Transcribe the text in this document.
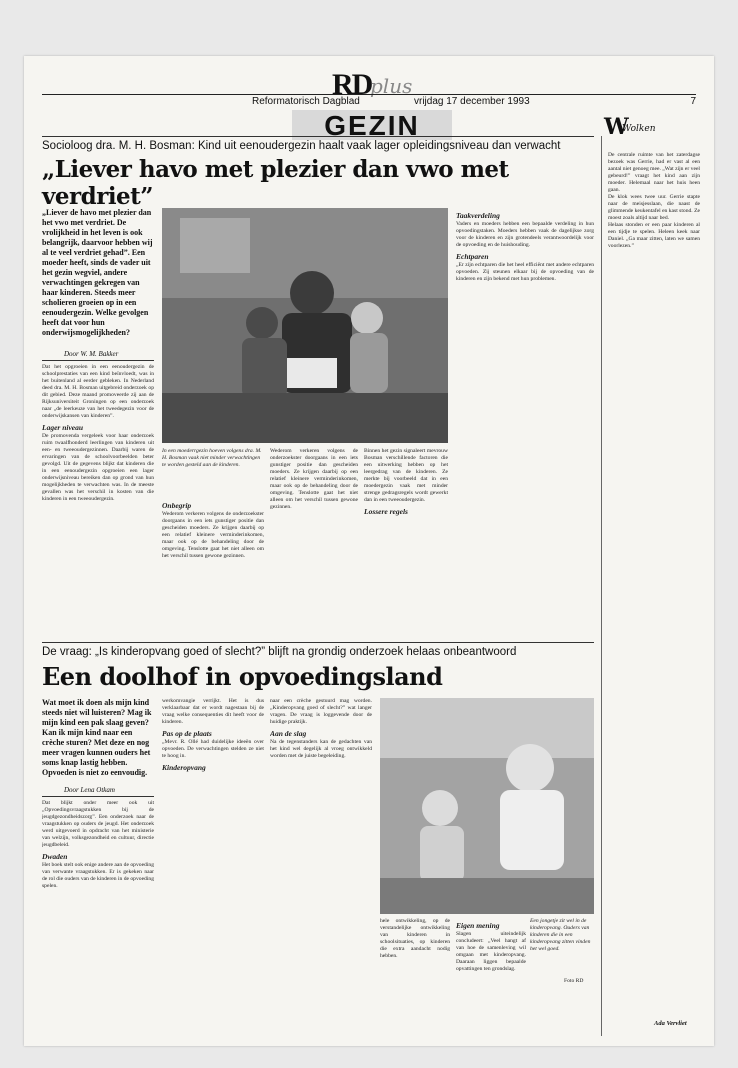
RD
plus
Reformatorisch Dagblad	vrijdag 17 december 1993	7
GEZIN	W
Wolken
Socioloog dra. M. H. Bosman: Kind uit eenoudergezin haalt vaak lager opleidingsniveau dan verwacht
„Liever havo met plezier dan vwo met verdriet”
„Liever de havo met plezier dan het vwo met verdriet. De vrolijkheid in het leven is ook belangrijk, daarvoor hebben wij al te veel verdriet gehad”. Een moeder heeft, sinds de vader uit het gezin wegviel, andere verwachtingen gekregen van haar kinderen. Steeds meer scholieren groeien op in een eenoudergezin. Welke gevolgen heeft dat voor hun onderwijsmogelijkheden?
Door W. M. Bakker
Dat het opgroeien in een eenoudergezin de schoolprestaties van een kind beïnvloedt, was in het buitenland al eerder gebleken. In Nederland deed dra. M. H. Bosman uitgebreid onderzoek op dit gebied. Deze maand promoveerde zij aan de Rijksuniversiteit Groningen op een onderzoek naar „de leerkeuze van het tweedegezin voor de onderwijskansen van kinderen”.
Lager niveau
De promovenda vergeleek voor haar onderzoek ruim twaalfhonderd leerlingen van kinderen uit een- en tweeoudergezinnen. Daarbij waren de ervaringen van de schoolvoorbeelden beter gevolgd. Uit de gegevens blijkt dat kinderen die in een eenoudergezin opgroeien een lager onderwijsniveau bereiken dan op grond van hun mogelijkheden te verwachten was. In de meeste gevallen was het verschil in kosten van die kinderen in een tweeoudergezin.
In een moederrgezin hoeven volgens dra. M. H. Bosman vaak niet minder verwachtingen te worden gesteld aan de kinderen.
Onbegrip
Wederom verkeren volgens de onderzoekster doorgaans in een iets gunstiger positie dan gescheiden moeders. Ze krijgen daarbij op een relatief kleinere verminderinkomen, maar ook op de behandeling door de omgeving. Tenslotte gaat het niet alleen om het verschil tussen gewone gezinnen.
Wederom verkeren volgens de onderzoekster doorgaans in een iets gunstiger positie dan gescheiden moeders. Ze krijgen daarbij op een relatief kleinere verminderinkomen, maar ook op de behandeling door de omgeving. Tenslotte gaat het niet alleen om het verschil tussen gewone gezinnen.
Binnen het gezin signaleert mevrouw Bosman verschillende factoren die een uitwerking hebben op het leergedrag van de kinderen. Ze merkte bij voorbeeld dat in een moedergezin vaak met minder strenge gedragsregels wordt gewerkt dan in een tweeoudergezin.
Lossere regels
Taakverdeling
Vaders en moeders hebben een bepaalde verdeling in hun opvoedingstaken. Moeders hebben vaak de dagelijkse zorg voor de kinderen en zijn grotendeels verantwoordelijk voor de opvoeding en de huishouding.
Echtparen
„Er zijn echtparen die het heel efficiënt met andere echtparen opvoeden. Zij steunen elkaar bij de opvoeding van de kinderen en zijn bekend met hun problemen.
De vraag: „Is kinderopvang goed of slecht?” blijft na grondig onderzoek helaas onbeantwoord
Een doolhof in opvoedingsland
Wat moet ik doen als mijn kind steeds niet wil luisteren? Mag ik mijn kind een pak slaag geven? Kan ik mijn kind naar een crèche sturen? Met deze en nog meer vragen kunnen ouders het soms knap lastig hebben. Opvoeden is niet zo eenvoudig.
Door Lena Otkam
Dat blijkt onder meer ook uit „Opvoedingsvraagstukken bij de jeugdgezondheidszorg”. Een onderzoek naar de vraagstukken op ouders de jeugd. Het onderzoek werd uitgevoerd in opdracht van het ministerie van welzijn, volksgezondheid en cultuur, directie jeugdbeleid.
Dwaden
Het boek stelt ook enige andere aan de opvoeding van verwante vraagstukken. Er is gekeken naar de rol die ouders van de kinderen in de opvoeding spelen.
werkomvangie verrijkt. Het is dus verklaarbaar dat er wordt nagestaan bij de vraag welke consequenties dit heeft voor de kinderen.
Pas op de plaats
„Mevr. R. Ollé had duidelijke ideeën over opvoeden. De verwachtingen stelden ze niet te hoog in.
Kinderopvang
naar een crèche gestuurd mag worden. „Kinderopvang goed of slecht?” wat langer vragen. De vraag is loggevende door de huidige praktijk.
Aan de slag
Na de tegenstanders kan de gedachten van het kind wel degelijk al vroeg ontwikkeld worden met de juiste begeleiding.
Een jongetje zit wel in de kinderopvang. Ouders van kinderen die in een kinderopvang zitten vinden het wel goed.
Foto RD
hele ontwikkeling, op de verstandelijke ontwikkeling van kinderen in schoolsituaties, op kinderen die extra aandacht nodig hebben.
Eigen mening
Slagen uiteindelijk concludeert: „Veel hangt af van hoe de samenleving wil omgaan met kinderopvang. Daaraan liggen bepaalde opvattingen ten grondslag.
De centrale ruimte van het zaterdagse bezoek was Gerrie, had er vast al een aantal niet genoeg mee. „Wat zijn er veel gebeurd!” vraagt het kind aan zijn moeder. Helemaal naar het huis heen gaan.
De klok wees twee uur. Gerrie stapte naar de meisjesslaan, die naast de glimmende keukentafel en kast stond. Ze moest zoals altijd naar bed.
Helaas stonden er een paar kinderen al een tijdje te spelen. Heleen keek naar Daniel. „Ga maar zitten, laten we samen voorlezen.”
Ada Vervliet
